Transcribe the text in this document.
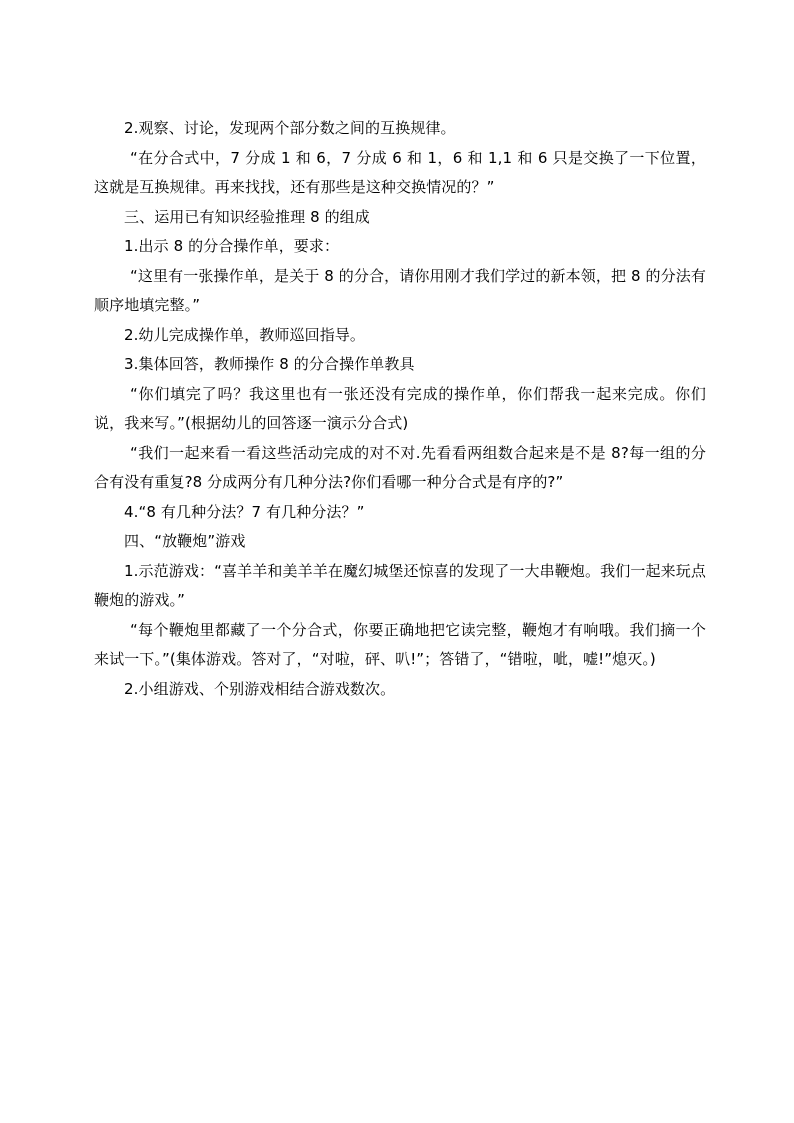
2.观察、讨论，发现两个部分数之间的互换规律。

“在分合式中，7 分成 1 和 6，7 分成 6 和 1，6 和 1,1 和 6 只是交换了一下位置，这就是互换规律。再来找找，还有那些是这种交换情况的？”

三、运用已有知识经验推理 8 的组成

1.出示 8 的分合操作单，要求：

“这里有一张操作单，是关于 8 的分合，请你用刚才我们学过的新本领，把 8 的分法有顺序地填完整。”

2.幼儿完成操作单，教师巡回指导。

3.集体回答，教师操作 8 的分合操作单教具

“你们填完了吗？我这里也有一张还没有完成的操作单，你们帮我一起来完成。你们说，我来写。”(根据幼儿的回答逐一演示分合式)

“我们一起来看一看这些活动完成的对不对.先看看两组数合起来是不是 8?每一组的分合有没有重复?8 分成两分有几种分法?你们看哪一种分合式是有序的?”

4.“8 有几种分法？7 有几种分法？”

四、“放鞭炮”游戏

1.示范游戏：“喜羊羊和美羊羊在魔幻城堡还惊喜的发现了一大串鞭炮。我们一起来玩点鞭炮的游戏。”

“每个鞭炮里都藏了一个分合式，你要正确地把它读完整，鞭炮才有响哦。我们摘一个来试一下。”(集体游戏。答对了，“对啦，砰、叭!”；答错了，“错啦，呲，嘘!”熄灭。)

2.小组游戏、个别游戏相结合游戏数次。
